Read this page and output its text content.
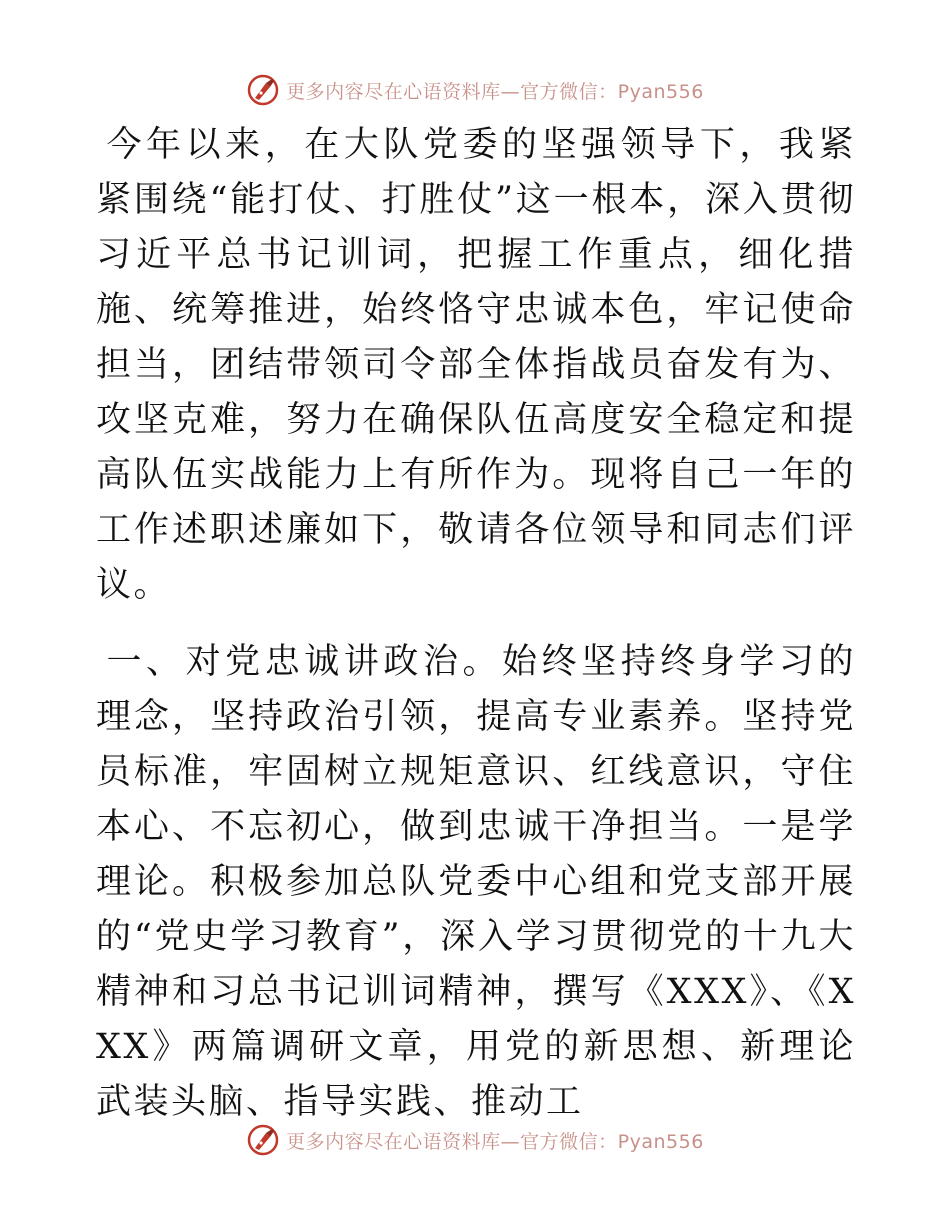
更多内容尽在心语资料库—官方微信：Pyan556

今年以来，在大队党委的坚强领导下，我紧紧围绕“能打仗、打胜仗”这一根本，深入贯彻习近平总书记训词，把握工作重点，细化措施、统筹推进，始终恪守忠诚本色，牢记使命担当，团结带领司令部全体指战员奋发有为、攻坚克难，努力在确保队伍高度安全稳定和提高队伍实战能力上有所作为。现将自己一年的工作述职述廉如下，敬请各位领导和同志们评议。

一、对党忠诚讲政治。始终坚持终身学习的理念，坚持政治引领，提高专业素养。坚持党员标准，牢固树立规矩意识、红线意识，守住本心、不忘初心，做到忠诚干净担当。一是学理论。积极参加总队党委中心组和党支部开展的“党史学习教育”，深入学习贯彻党的十九大精神和习总书记训词精神，撰写《XXX》、《XXX》两篇调研文章，用党的新思想、新理论武装头脑、指导实践、推动工

更多内容尽在心语资料库—官方微信：Pyan556
